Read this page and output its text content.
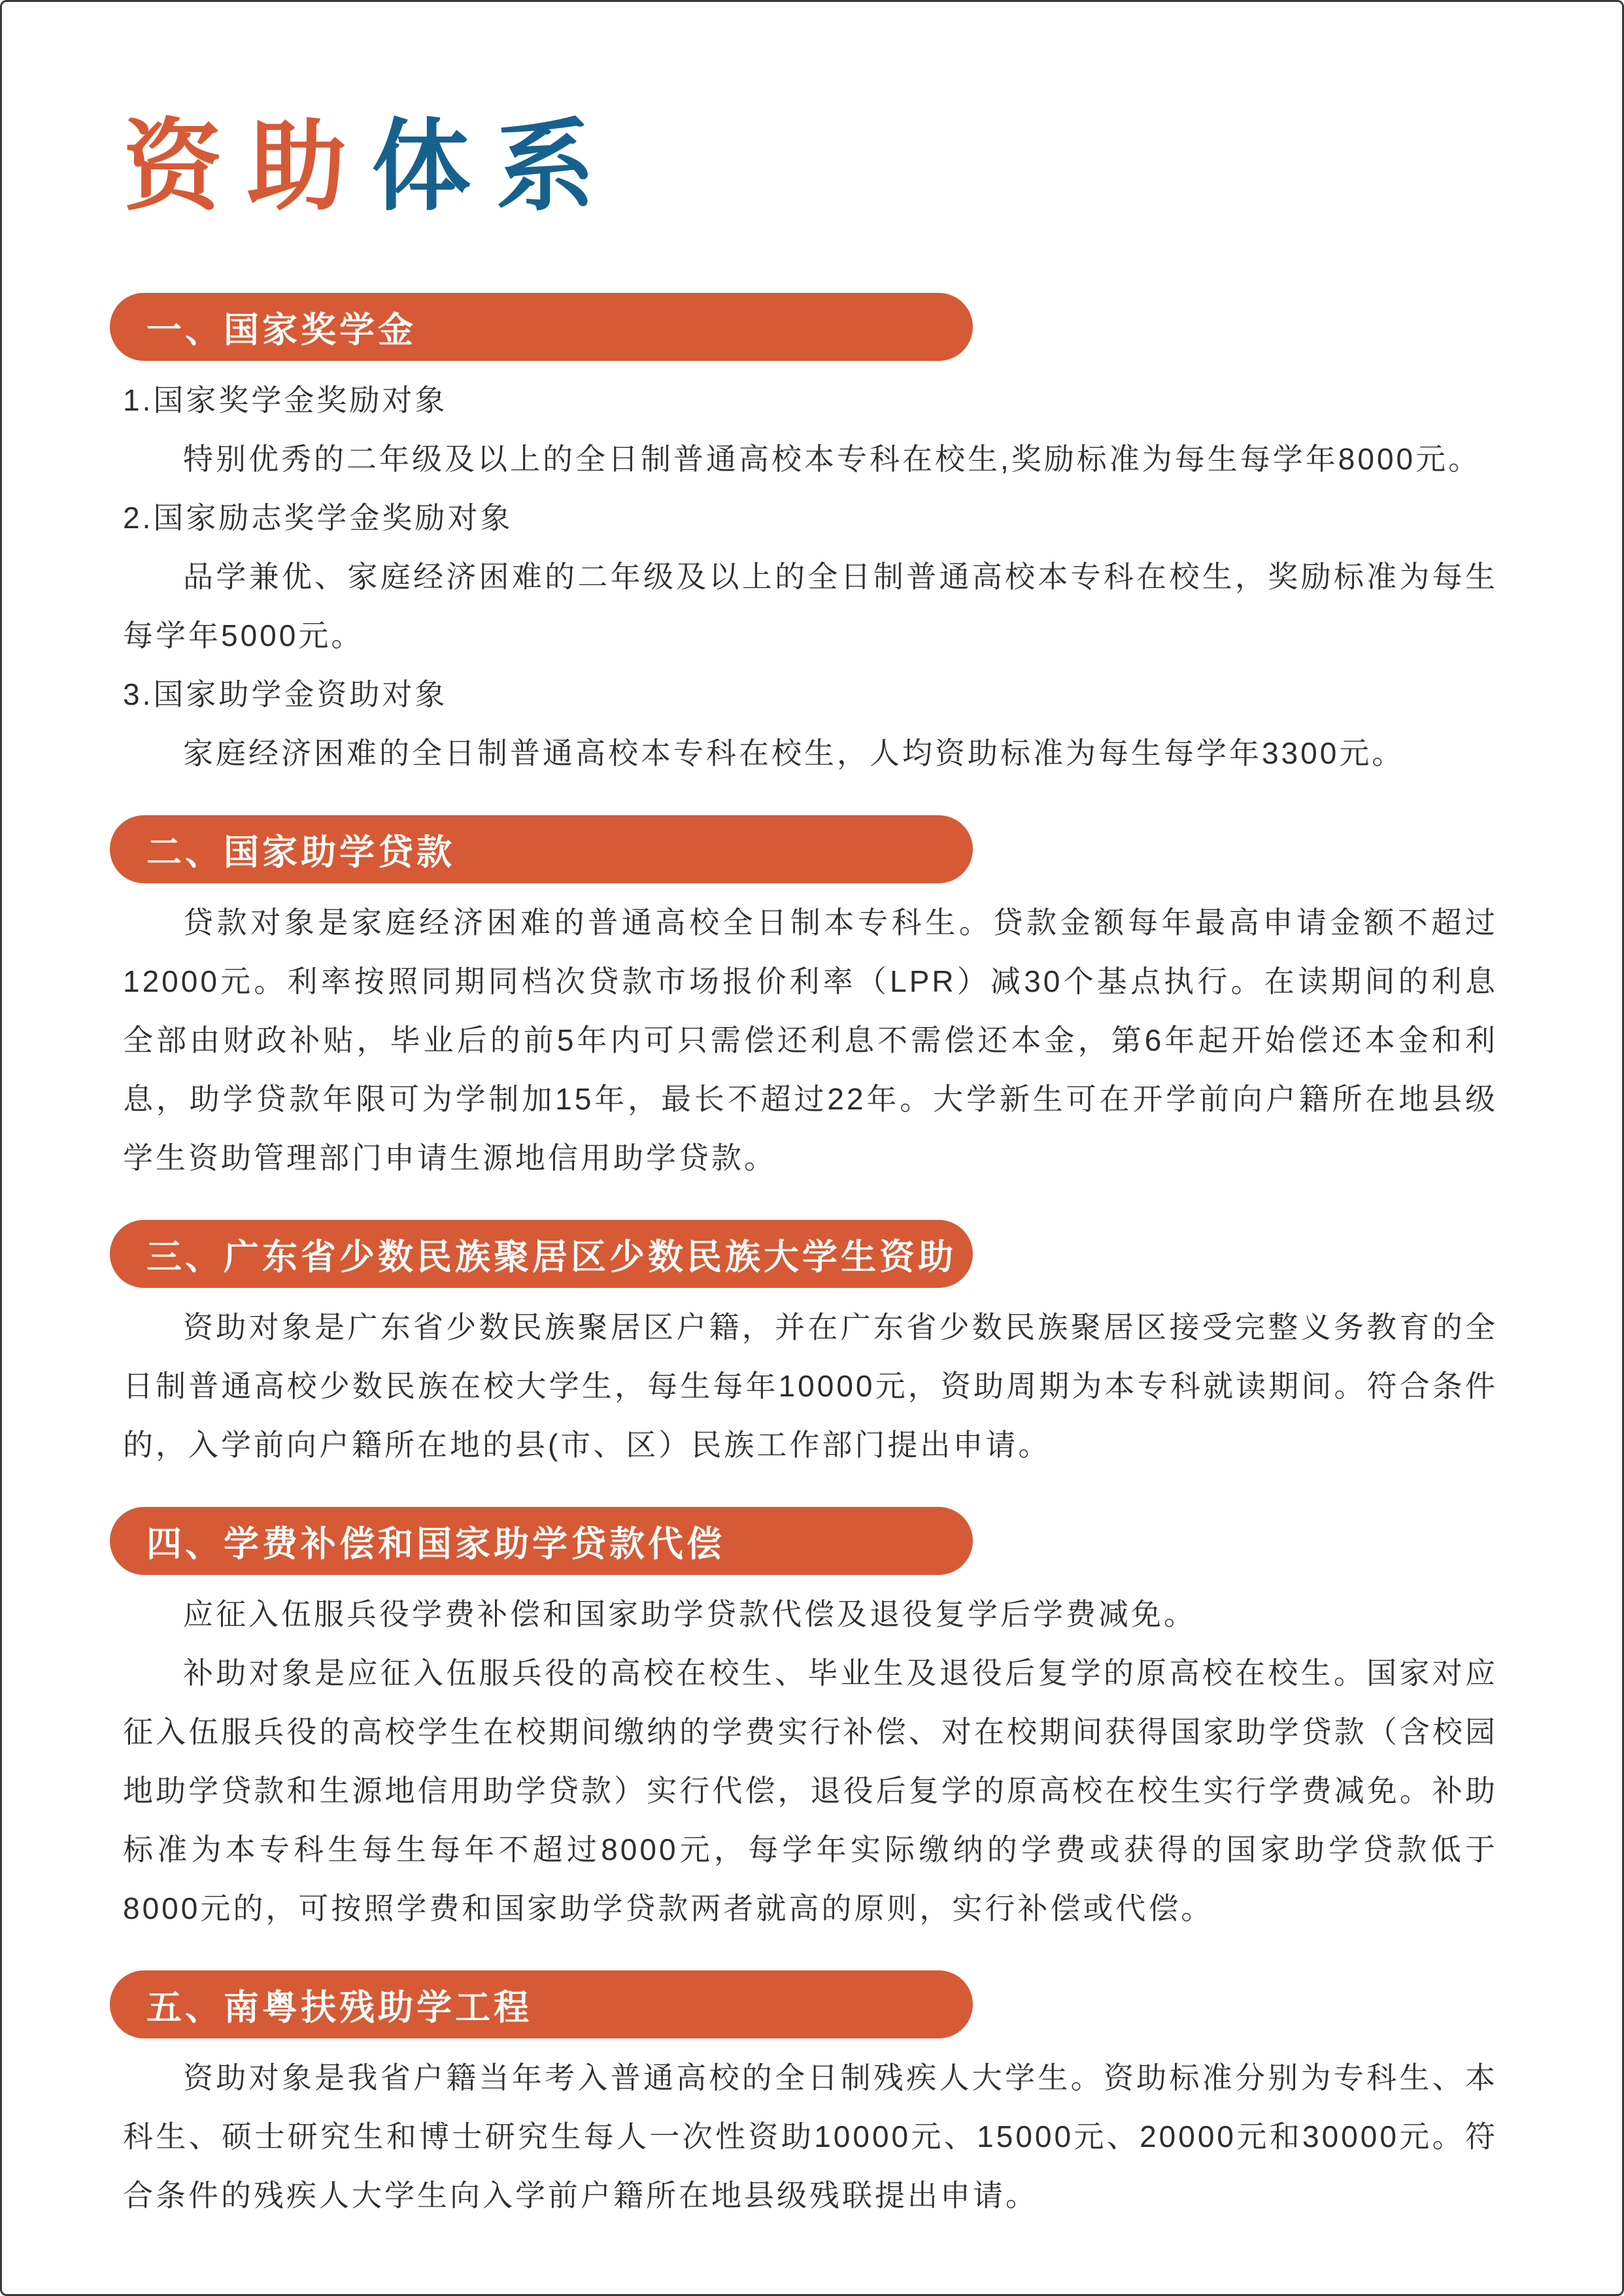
资助体系
一、国家奖学金

1.国家奖学金奖励对象

特别优秀的二年级及以上的全日制普通高校本专科在校生,奖励标准为每生每学年8000元。

2.国家励志奖学金奖励对象

品学兼优、家庭经济困难的二年级及以上的全日制普通高校本专科在校生，奖励标准为每生每学年5000元。

3.国家助学金资助对象

家庭经济困难的全日制普通高校本专科在校生，人均资助标准为每生每学年3300元。

二、国家助学贷款

贷款对象是家庭经济困难的普通高校全日制本专科生。贷款金额每年最高申请金额不超过12000元。利率按照同期同档次贷款市场报价利率（LPR）减30个基点执行。在读期间的利息全部由财政补贴，毕业后的前5年内可只需偿还利息不需偿还本金，第6年起开始偿还本金和利息，助学贷款年限可为学制加15年，最长不超过22年。大学新生可在开学前向户籍所在地县级学生资助管理部门申请生源地信用助学贷款。

三、广东省少数民族聚居区少数民族大学生资助

资助对象是广东省少数民族聚居区户籍，并在广东省少数民族聚居区接受完整义务教育的全日制普通高校少数民族在校大学生，每生每年10000元，资助周期为本专科就读期间。符合条件的，入学前向户籍所在地的县(市、区）民族工作部门提出申请。

四、学费补偿和国家助学贷款代偿

应征入伍服兵役学费补偿和国家助学贷款代偿及退役复学后学费减免。

补助对象是应征入伍服兵役的高校在校生、毕业生及退役后复学的原高校在校生。国家对应征入伍服兵役的高校学生在校期间缴纳的学费实行补偿、对在校期间获得国家助学贷款（含校园地助学贷款和生源地信用助学贷款）实行代偿，退役后复学的原高校在校生实行学费减免。补助标准为本专科生每生每年不超过8000元，每学年实际缴纳的学费或获得的国家助学贷款低于8000元的，可按照学费和国家助学贷款两者就高的原则，实行补偿或代偿。

五、南粤扶残助学工程

资助对象是我省户籍当年考入普通高校的全日制残疾人大学生。资助标准分别为专科生、本科生、硕士研究生和博士研究生每人一次性资助10000元、15000元、20000元和30000元。符合条件的残疾人大学生向入学前户籍所在地县级残联提出申请。
